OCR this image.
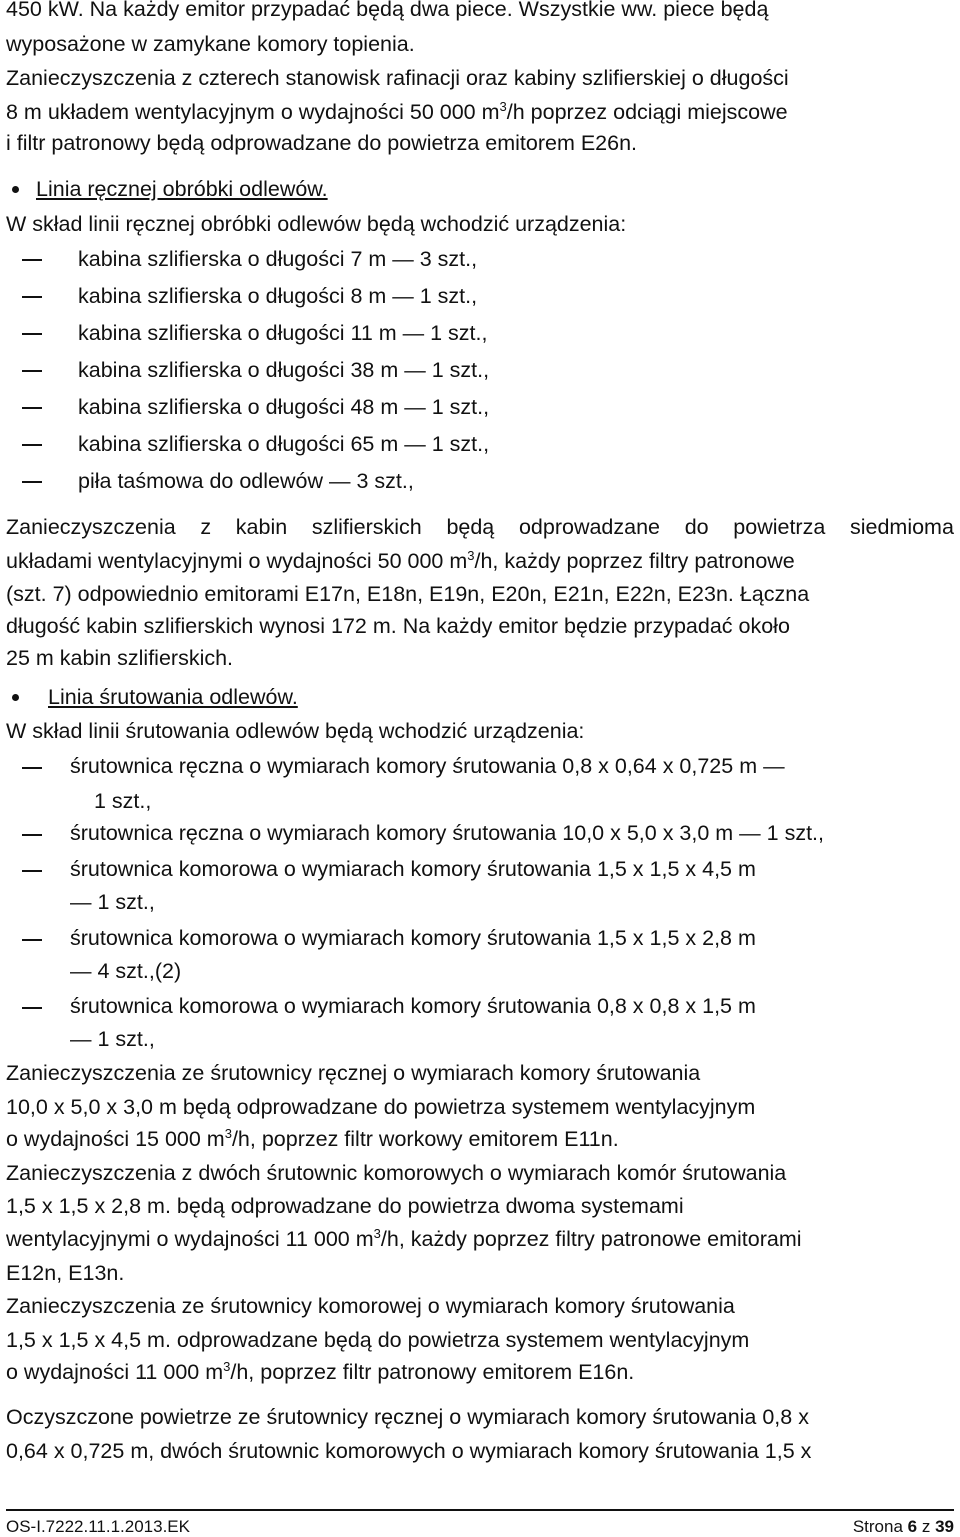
450 kW. Na każdy emitor przypadać będą dwa piece. Wszystkie ww. piece będą
wyposażone w zamykane komory topienia.
Zanieczyszczenia z czterech stanowisk rafinacji oraz kabiny szlifierskiej o długości
8 m układem wentylacyjnym o wydajności 50 000 $m^3/h$ poprzez odciągi miejscowe
i filtr patronowy będą odprowadzane do powietrza emitorem E26n.
Linia ręcznej obróbki odlewów.
W skład linii ręcznej obróbki odlewów będą wchodzić urządzenia:
kabina szlifierska o długości 7 m — 3 szt.,
kabina szlifierska o długości 8 m — 1 szt.,
kabina szlifierska o długości 11 m — 1 szt.,
kabina szlifierska o długości 38 m — 1 szt.,
kabina szlifierska o długości 48 m — 1 szt.,
kabina szlifierska o długości 65 m — 1 szt.,
piła taśmowa do odlewów — 3 szt.,
Zanieczyszczenia z kabin szlifierskich będą odprowadzane do powietrza siedmioma
układami wentylacyjnymi o wydajności 50 000 $m^3/h$, każdy poprzez filtry patronowe
(szt. 7) odpowiednio emitorami E17n, E18n, E19n, E20n, E21n, E22n, E23n. Łączna
długość kabin szlifierskich wynosi 172 m. Na każdy emitor będzie przypadać około
25 m kabin szlifierskich.
Linia śrutowania odlewów.
W skład linii śrutowania odlewów będą wchodzić urządzenia:
śrutownica ręczna o wymiarach komory śrutowania 0,8 x 0,64 x 0,725 m —
1 szt.,
śrutownica ręczna o wymiarach komory śrutowania 10,0 x 5,0 x 3,0 m — 1 szt.,
śrutownica komorowa o wymiarach komory śrutowania 1,5 x 1,5 x 4,5 m
— 1 szt.,
śrutownica komorowa o wymiarach komory śrutowania 1,5 x 1,5 x 2,8 m
— 4 szt.,(2)
śrutownica komorowa o wymiarach komory śrutowania 0,8 x 0,8 x 1,5 m
— 1 szt.,
Zanieczyszczenia ze śrutownicy ręcznej o wymiarach komory śrutowania
10,0 x 5,0 x 3,0 m będą odprowadzane do powietrza systemem wentylacyjnym
o wydajności 15 000 $m^3/h$, poprzez filtr workowy emitorem E11n.
Zanieczyszczenia z dwóch śrutownic komorowych o wymiarach komór śrutowania
1,5 x 1,5 x 2,8 m. będą odprowadzane do powietrza dwoma systemami
wentylacyjnymi o wydajności 11 000 $m^3/h$, każdy poprzez filtry patronowe emitorami
E12n, E13n.
Zanieczyszczenia ze śrutownicy komorowej o wymiarach komory śrutowania
1,5 x 1,5 x 4,5 m. odprowadzane będą do powietrza systemem wentylacyjnym
o wydajności 11 000 $m^3/h$, poprzez filtr patronowy emitorem E16n.
Oczyszczone powietrze ze śrutownicy ręcznej o wymiarach komory śrutowania 0,8 x
0,64 x 0,725 m, dwóch śrutownic komorowych o wymiarach komory śrutowania 1,5 x
OS-I.7222.11.1.2013.EK	Strona 6 z 39
